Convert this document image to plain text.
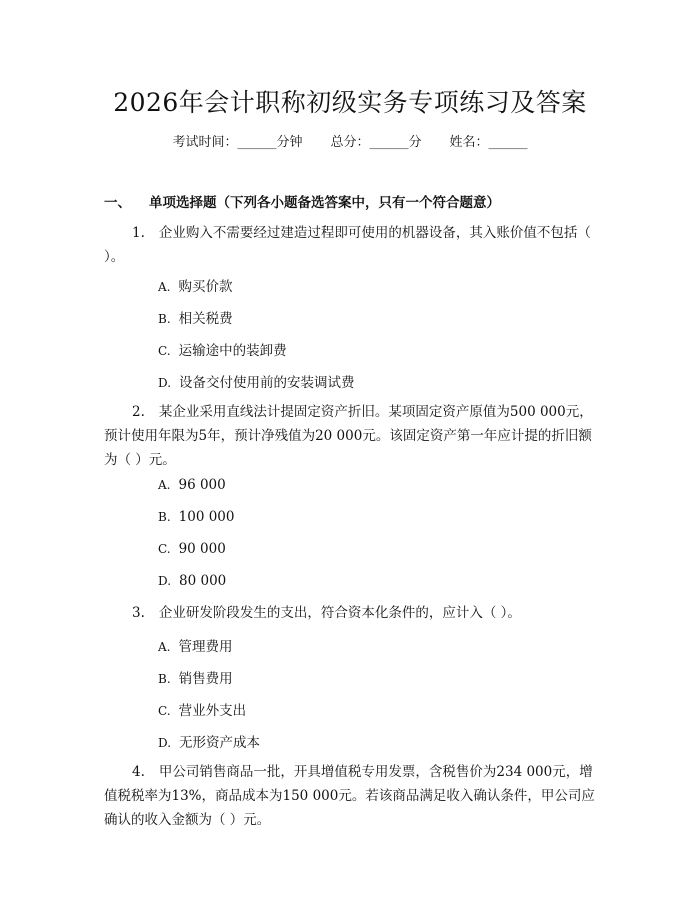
2026年会计职称初级实务专项练习及答案
考试时间：______分钟 总分：______分 姓名：______
一、 单项选择题（下列各小题备选答案中，只有一个符合题意）
1. 企业购入不需要经过建造过程即可使用的机器设备，其入账价值不包括（ ）。
A. 购买价款
B. 相关税费
C. 运输途中的装卸费
D. 设备交付使用前的安装调试费
2. 某企业采用直线法计提固定资产折旧。某项固定资产原值为500 000元，预计使用年限为5年，预计净残值为20 000元。该固定资产第一年应计提的折旧额为（ ）元。
A. 96 000
B. 100 000
C. 90 000
D. 80 000
3. 企业研发阶段发生的支出，符合资本化条件的，应计入（ ）。
A. 管理费用
B. 销售费用
C. 营业外支出
D. 无形资产成本
4. 甲公司销售商品一批，开具增值税专用发票，含税售价为234 000元，增值税税率为13%，商品成本为150 000元。若该商品满足收入确认条件，甲公司应确认的收入金额为（ ）元。
